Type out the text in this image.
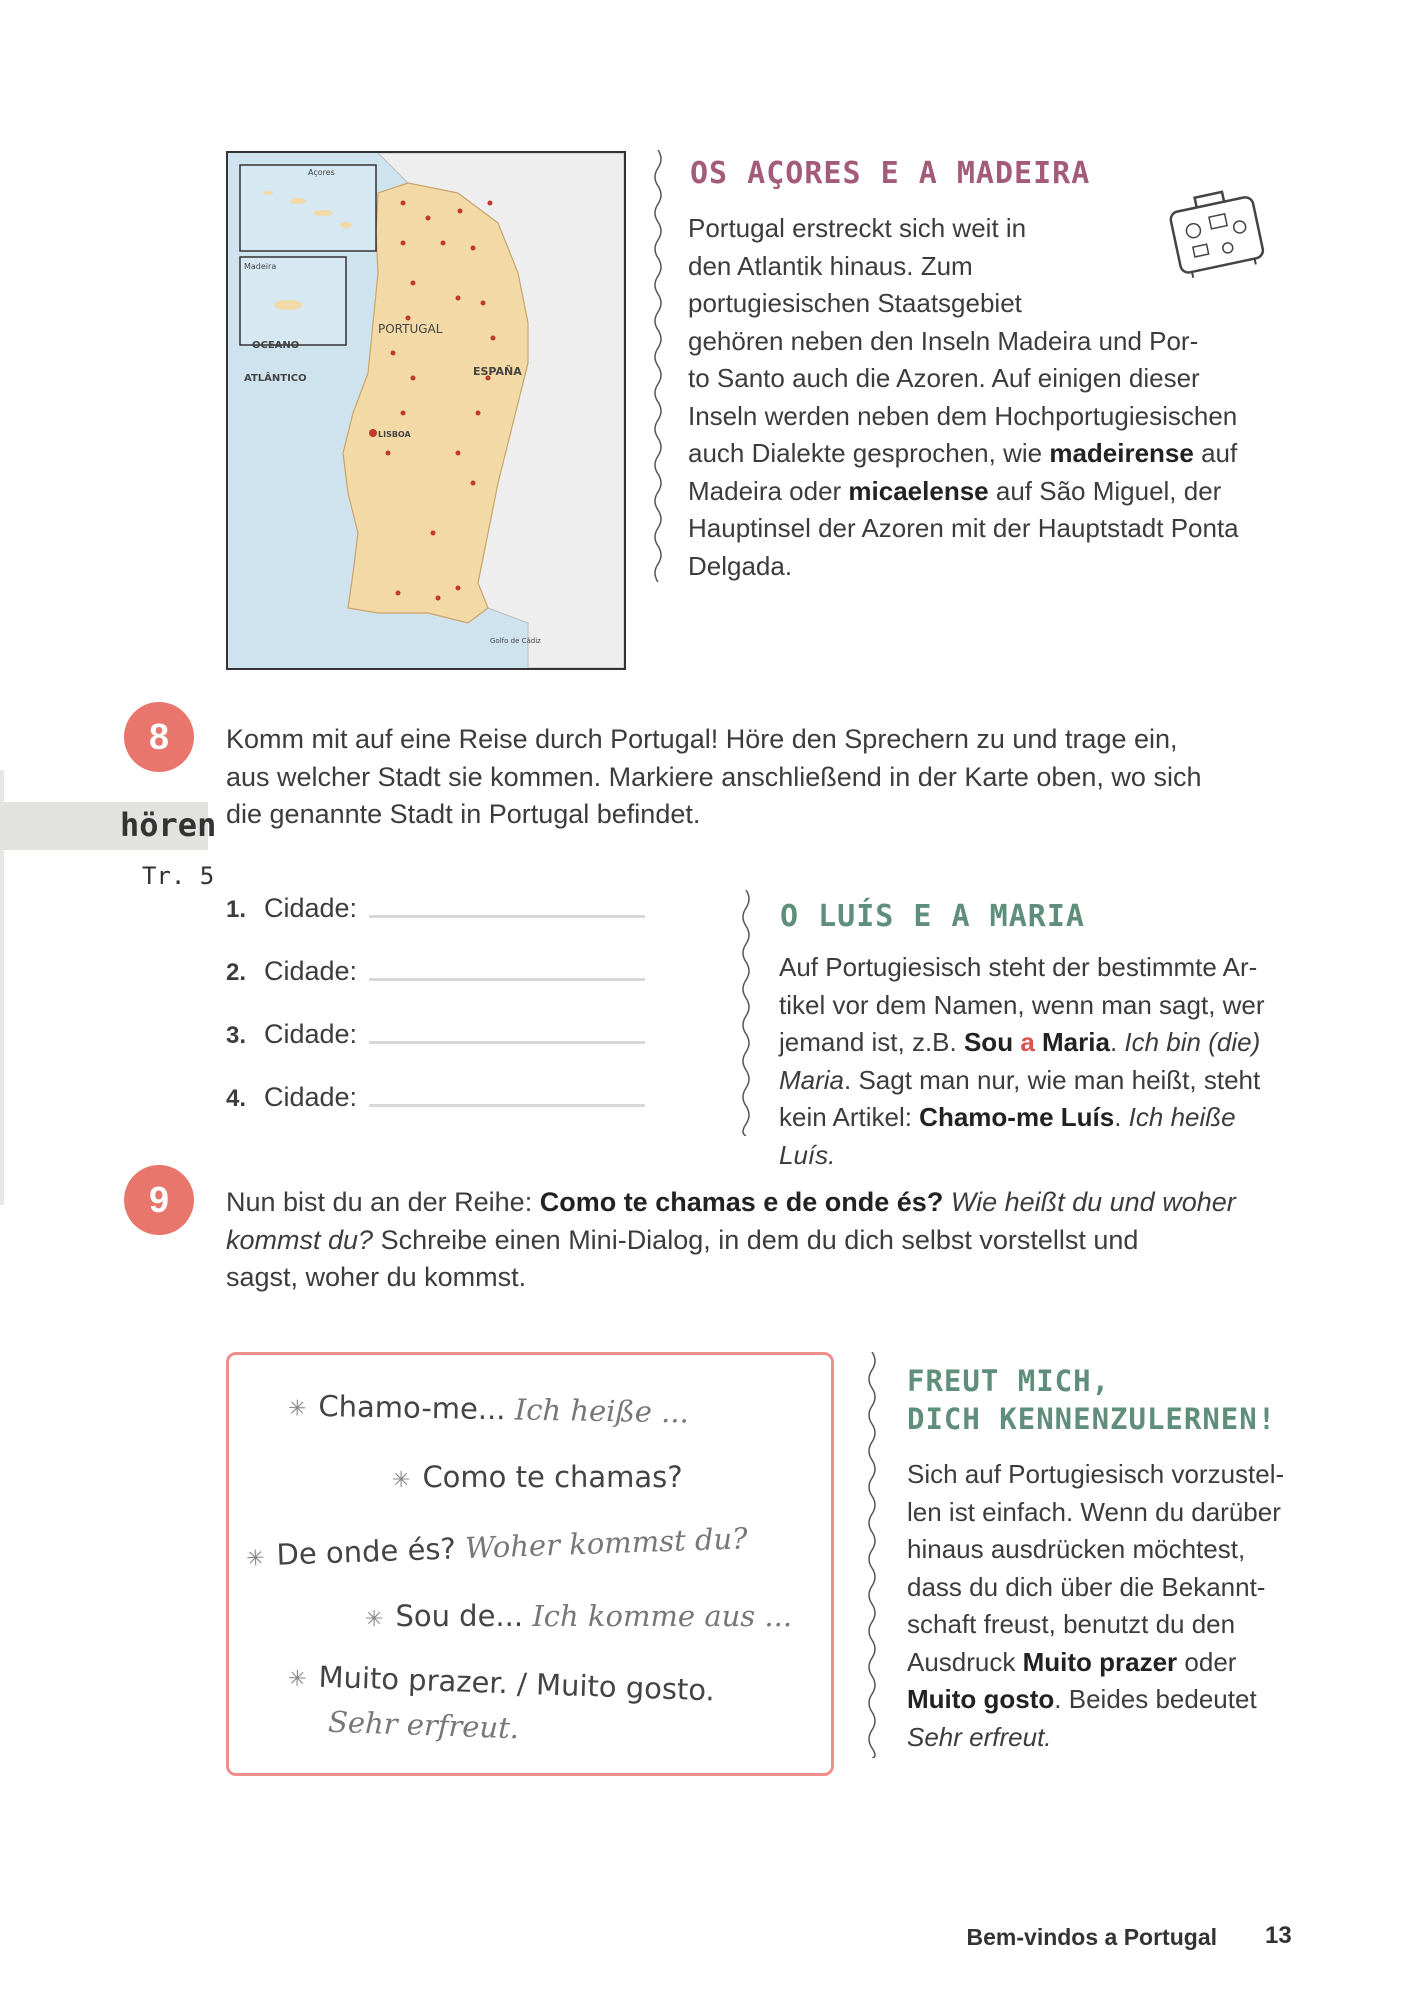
Açores
Madeira
PORTUGAL
ESPAÑA
OCEANO
ATLÂNTICO
LISBOA
Golfo de Cádiz
OS AÇORES E A MADEIRA
Portugal erstreckt sich weit in
den Atlantik hinaus. Zum
portugiesischen Staatsgebiet
gehören neben den Inseln Madeira und Por-
to Santo auch die Azoren. Auf einigen dieser
Inseln werden neben dem Hochportugiesischen
auch Dialekte gesprochen, wie madeirense auf
Madeira oder micaelense auf São Miguel, der
Hauptinsel der Azoren mit der Hauptstadt Ponta
Delgada.
8
hören
Tr. 5
Komm mit auf eine Reise durch Portugal! Höre den Sprechern zu und trage ein,
aus welcher Stadt sie kommen. Markiere anschließend in der Karte oben, wo sich
die genannte Stadt in Portugal befindet.
1. Cidade:
2. Cidade:
3. Cidade:
4. Cidade:
O LUÍS E A MARIA
Auf Portugiesisch steht der bestimmte Ar-
tikel vor dem Namen, wenn man sagt, wer
jemand ist, z.B. Sou a Maria. Ich bin (die)
Maria. Sagt man nur, wie man heißt, steht
kein Artikel: Chamo-me Luís. Ich heiße Luís.
9	Nun bist du an der Reihe: Como te chamas e de onde és? Wie heißt du und woher
kommst du? Schreibe einen Mini-Dialog, in dem du dich selbst vorstellst und
sagst, woher du kommst.
✳ Chamo-me... Ich heiße ...
✳ Como te chamas?
✳ De onde és? Woher kommst du?
✳ Sou de... Ich komme aus ...
✳ Muito prazer. / Muito gosto.
Sehr erfreut.
FREUT MICH,
DICH KENNENZULERNEN!
Sich auf Portugiesisch vorzustel-
len ist einfach. Wenn du darüber
hinaus ausdrücken möchtest,
dass du dich über die Bekannt-
schaft freust, benutzt du den
Ausdruck Muito prazer oder
Muito gosto. Beides bedeutet
Sehr erfreut.
Bem-vindos a Portugal 13
